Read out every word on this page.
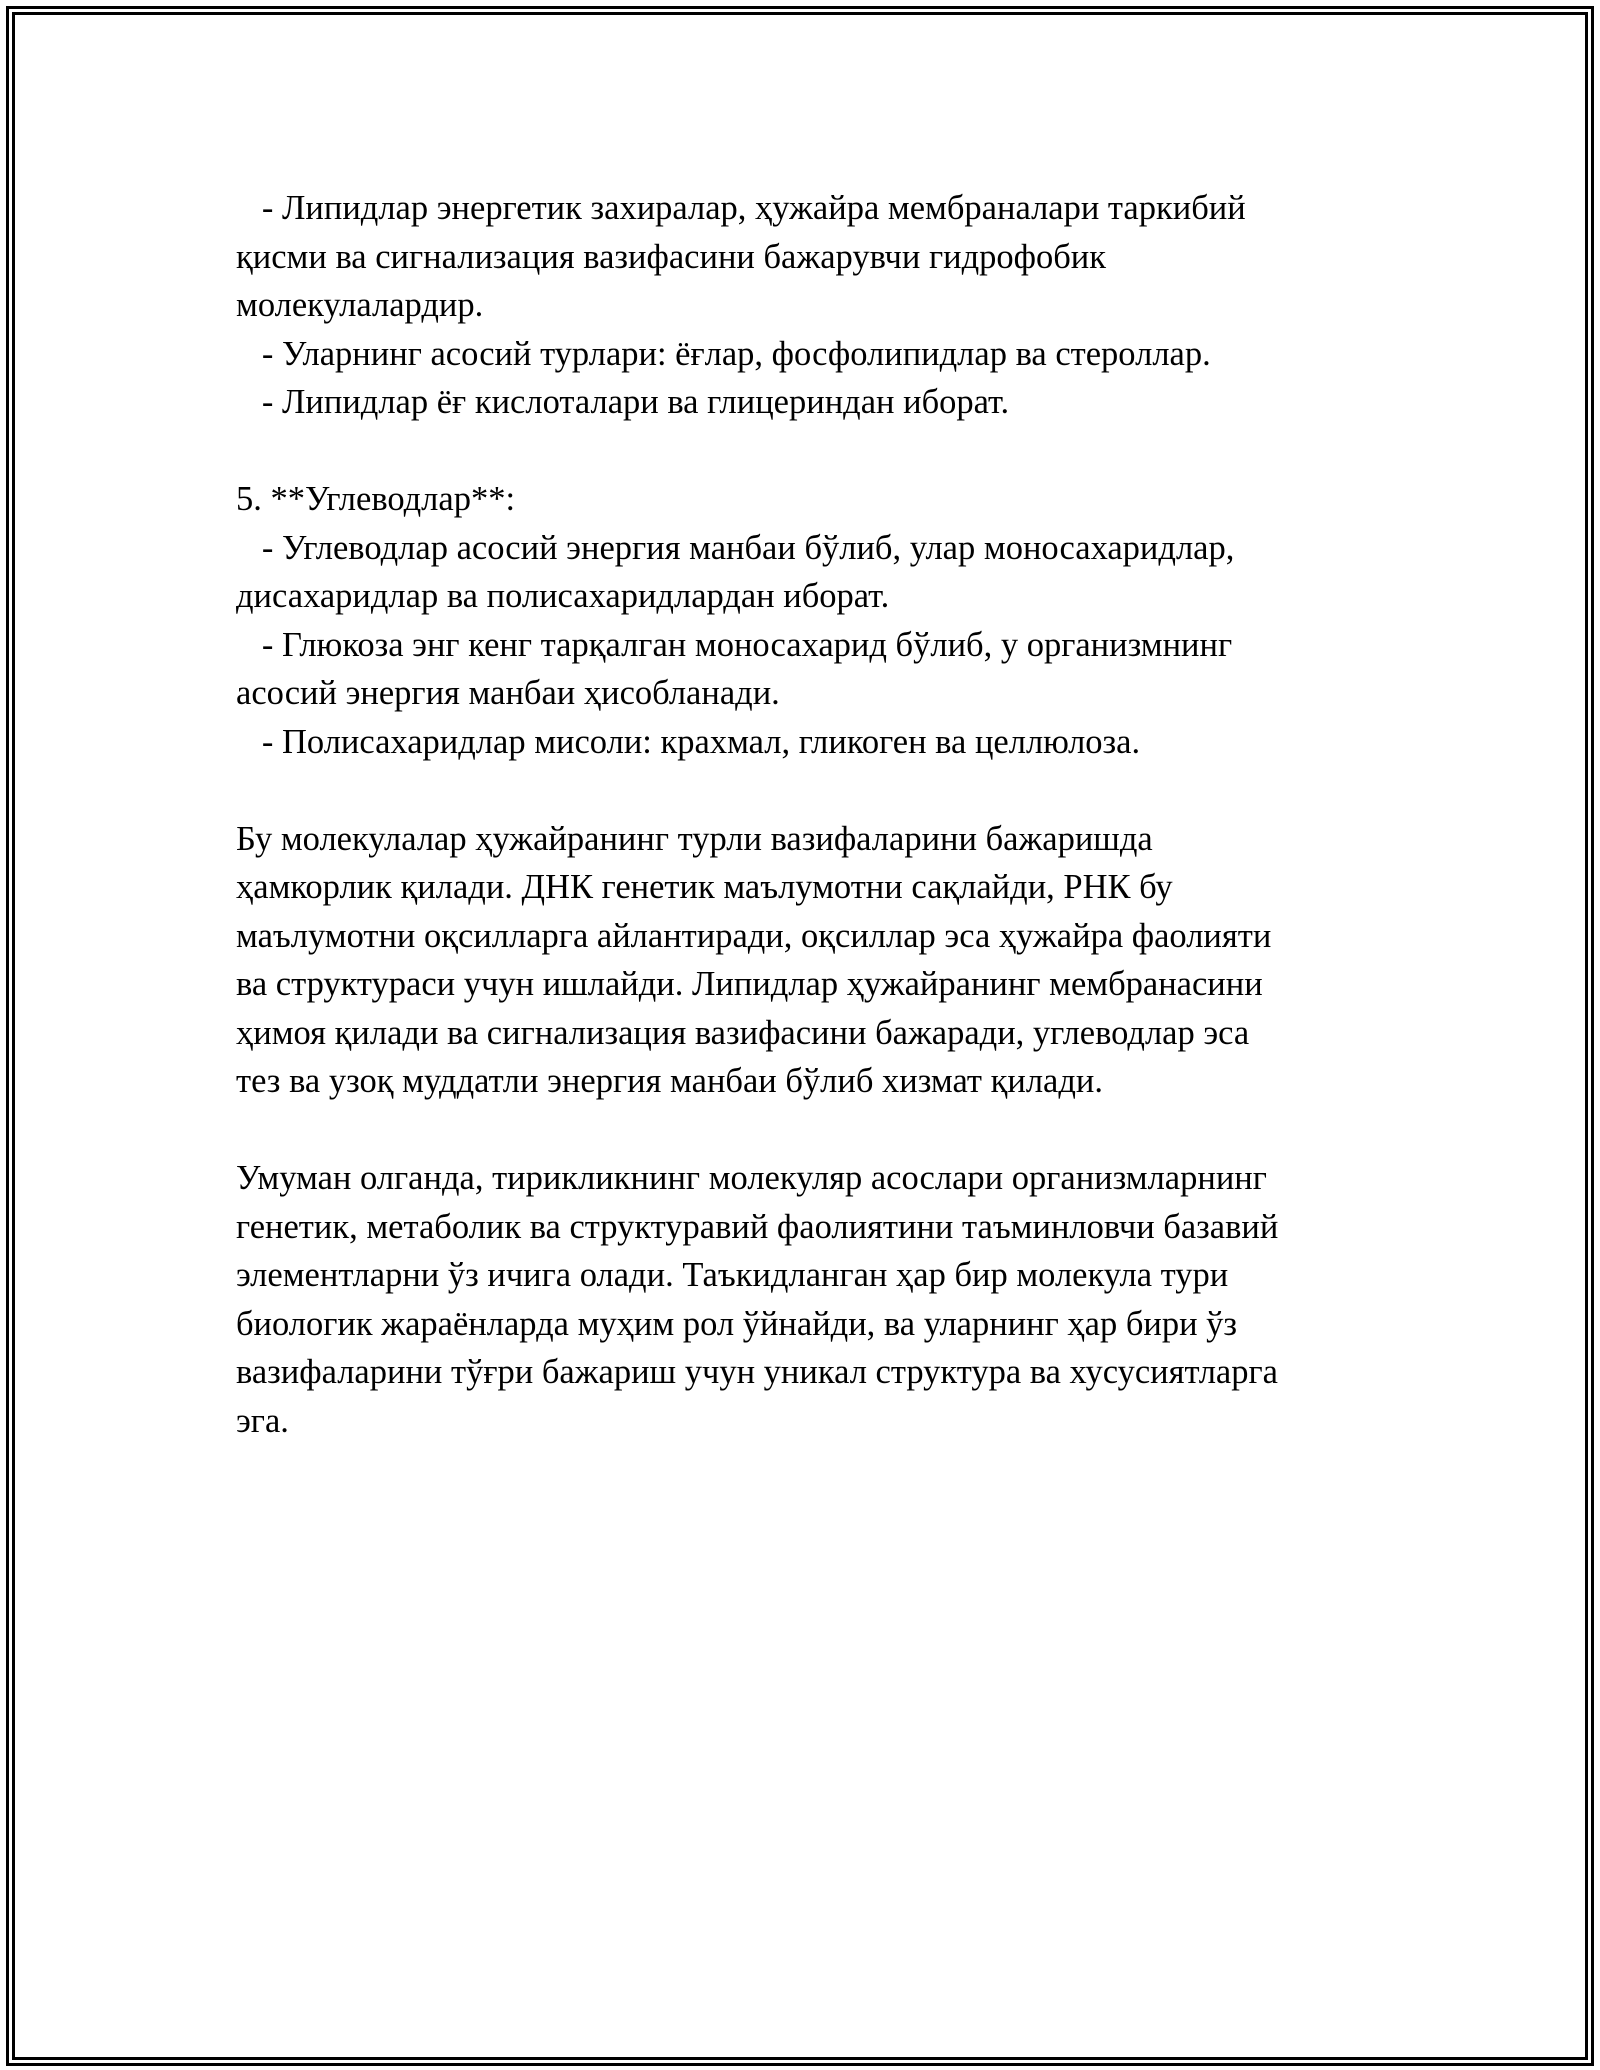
- Липидлар энергетик захиралар, ҳужайра мембраналари таркибий
қисми ва сигнализация вазифасини бажарувчи гидрофобик
молекулалардир.
- Уларнинг асосий турлари: ёғлар, фосфолипидлар ва стероллар.
- Липидлар ёғ кислоталари ва глицериндан иборат.
5. **Углеводлар**:
- Углеводлар асосий энергия манбаи бўлиб, улар моносахаридлар,
дисахаридлар ва полисахаридлардан иборат.
- Глюкоза энг кенг тарқалган моносахарид бўлиб, у организмнинг
асосий энергия манбаи ҳисобланади.
- Полисахаридлар мисоли: крахмал, гликоген ва целлюлоза.
Бу молекулалар ҳужайранинг турли вазифаларини бажаришда
ҳамкорлик қилади. ДНК генетик маълумотни сақлайди, РНК бу
маълумотни оқсилларга айлантиради, оқсиллар эса ҳужайра фаолияти
ва структураси учун ишлайди. Липидлар ҳужайранинг мембранасини
ҳимоя қилади ва сигнализация вазифасини бажаради, углеводлар эса
тез ва узоқ муддатли энергия манбаи бўлиб хизмат қилади.
Умуман олганда, тирикликнинг молекуляр асослари организмларнинг
генетик, метаболик ва структуравий фаолиятини таъминловчи базавий
элементларни ўз ичига олади. Таъкидланган ҳар бир молекула тури
биологик жараёнларда муҳим рол ўйнайди, ва уларнинг ҳар бири ўз
вазифаларини тўғри бажариш учун уникал структура ва хусусиятларга
эга.
